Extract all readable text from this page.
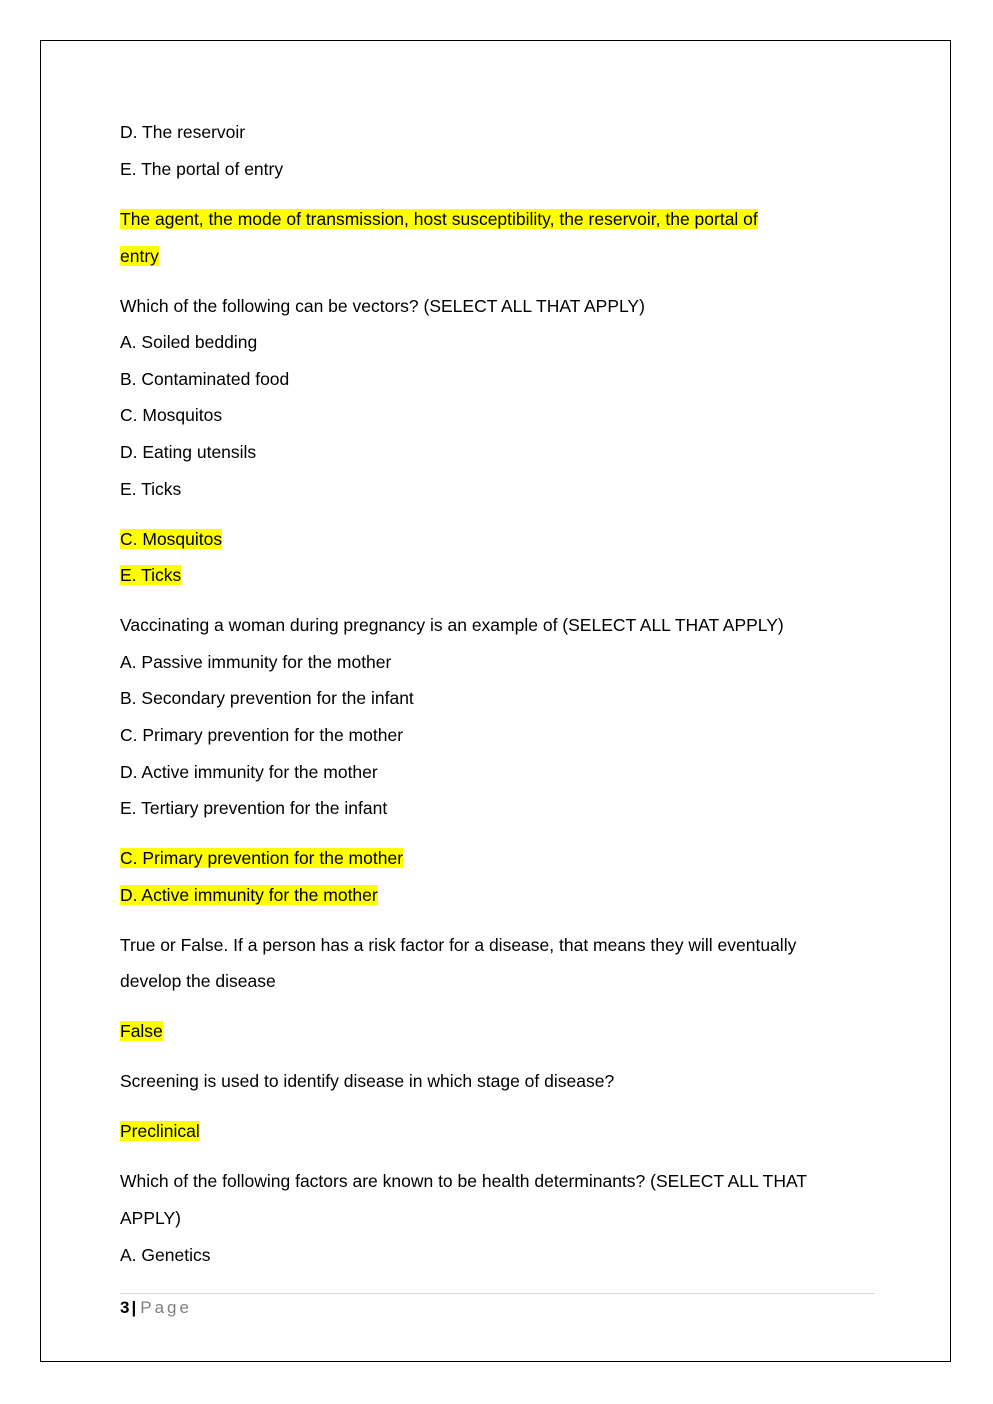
D. The reservoir
E. The portal of entry
The agent, the mode of transmission, host susceptibility, the reservoir, the portal of
entry
Which of the following can be vectors? (SELECT ALL THAT APPLY)
A. Soiled bedding
B. Contaminated food
C. Mosquitos
D. Eating utensils
E. Ticks
C. Mosquitos
E. Ticks
Vaccinating a woman during pregnancy is an example of (SELECT ALL THAT APPLY)
A. Passive immunity for the mother
B. Secondary prevention for the infant
C. Primary prevention for the mother
D. Active immunity for the mother
E. Tertiary prevention for the infant
C. Primary prevention for the mother
D. Active immunity for the mother
True or False. If a person has a risk factor for a disease, that means they will eventually
develop the disease
False
Screening is used to identify disease in which stage of disease?
Preclinical
Which of the following factors are known to be health determinants? (SELECT ALL THAT
APPLY)
A. Genetics
3 | Page
